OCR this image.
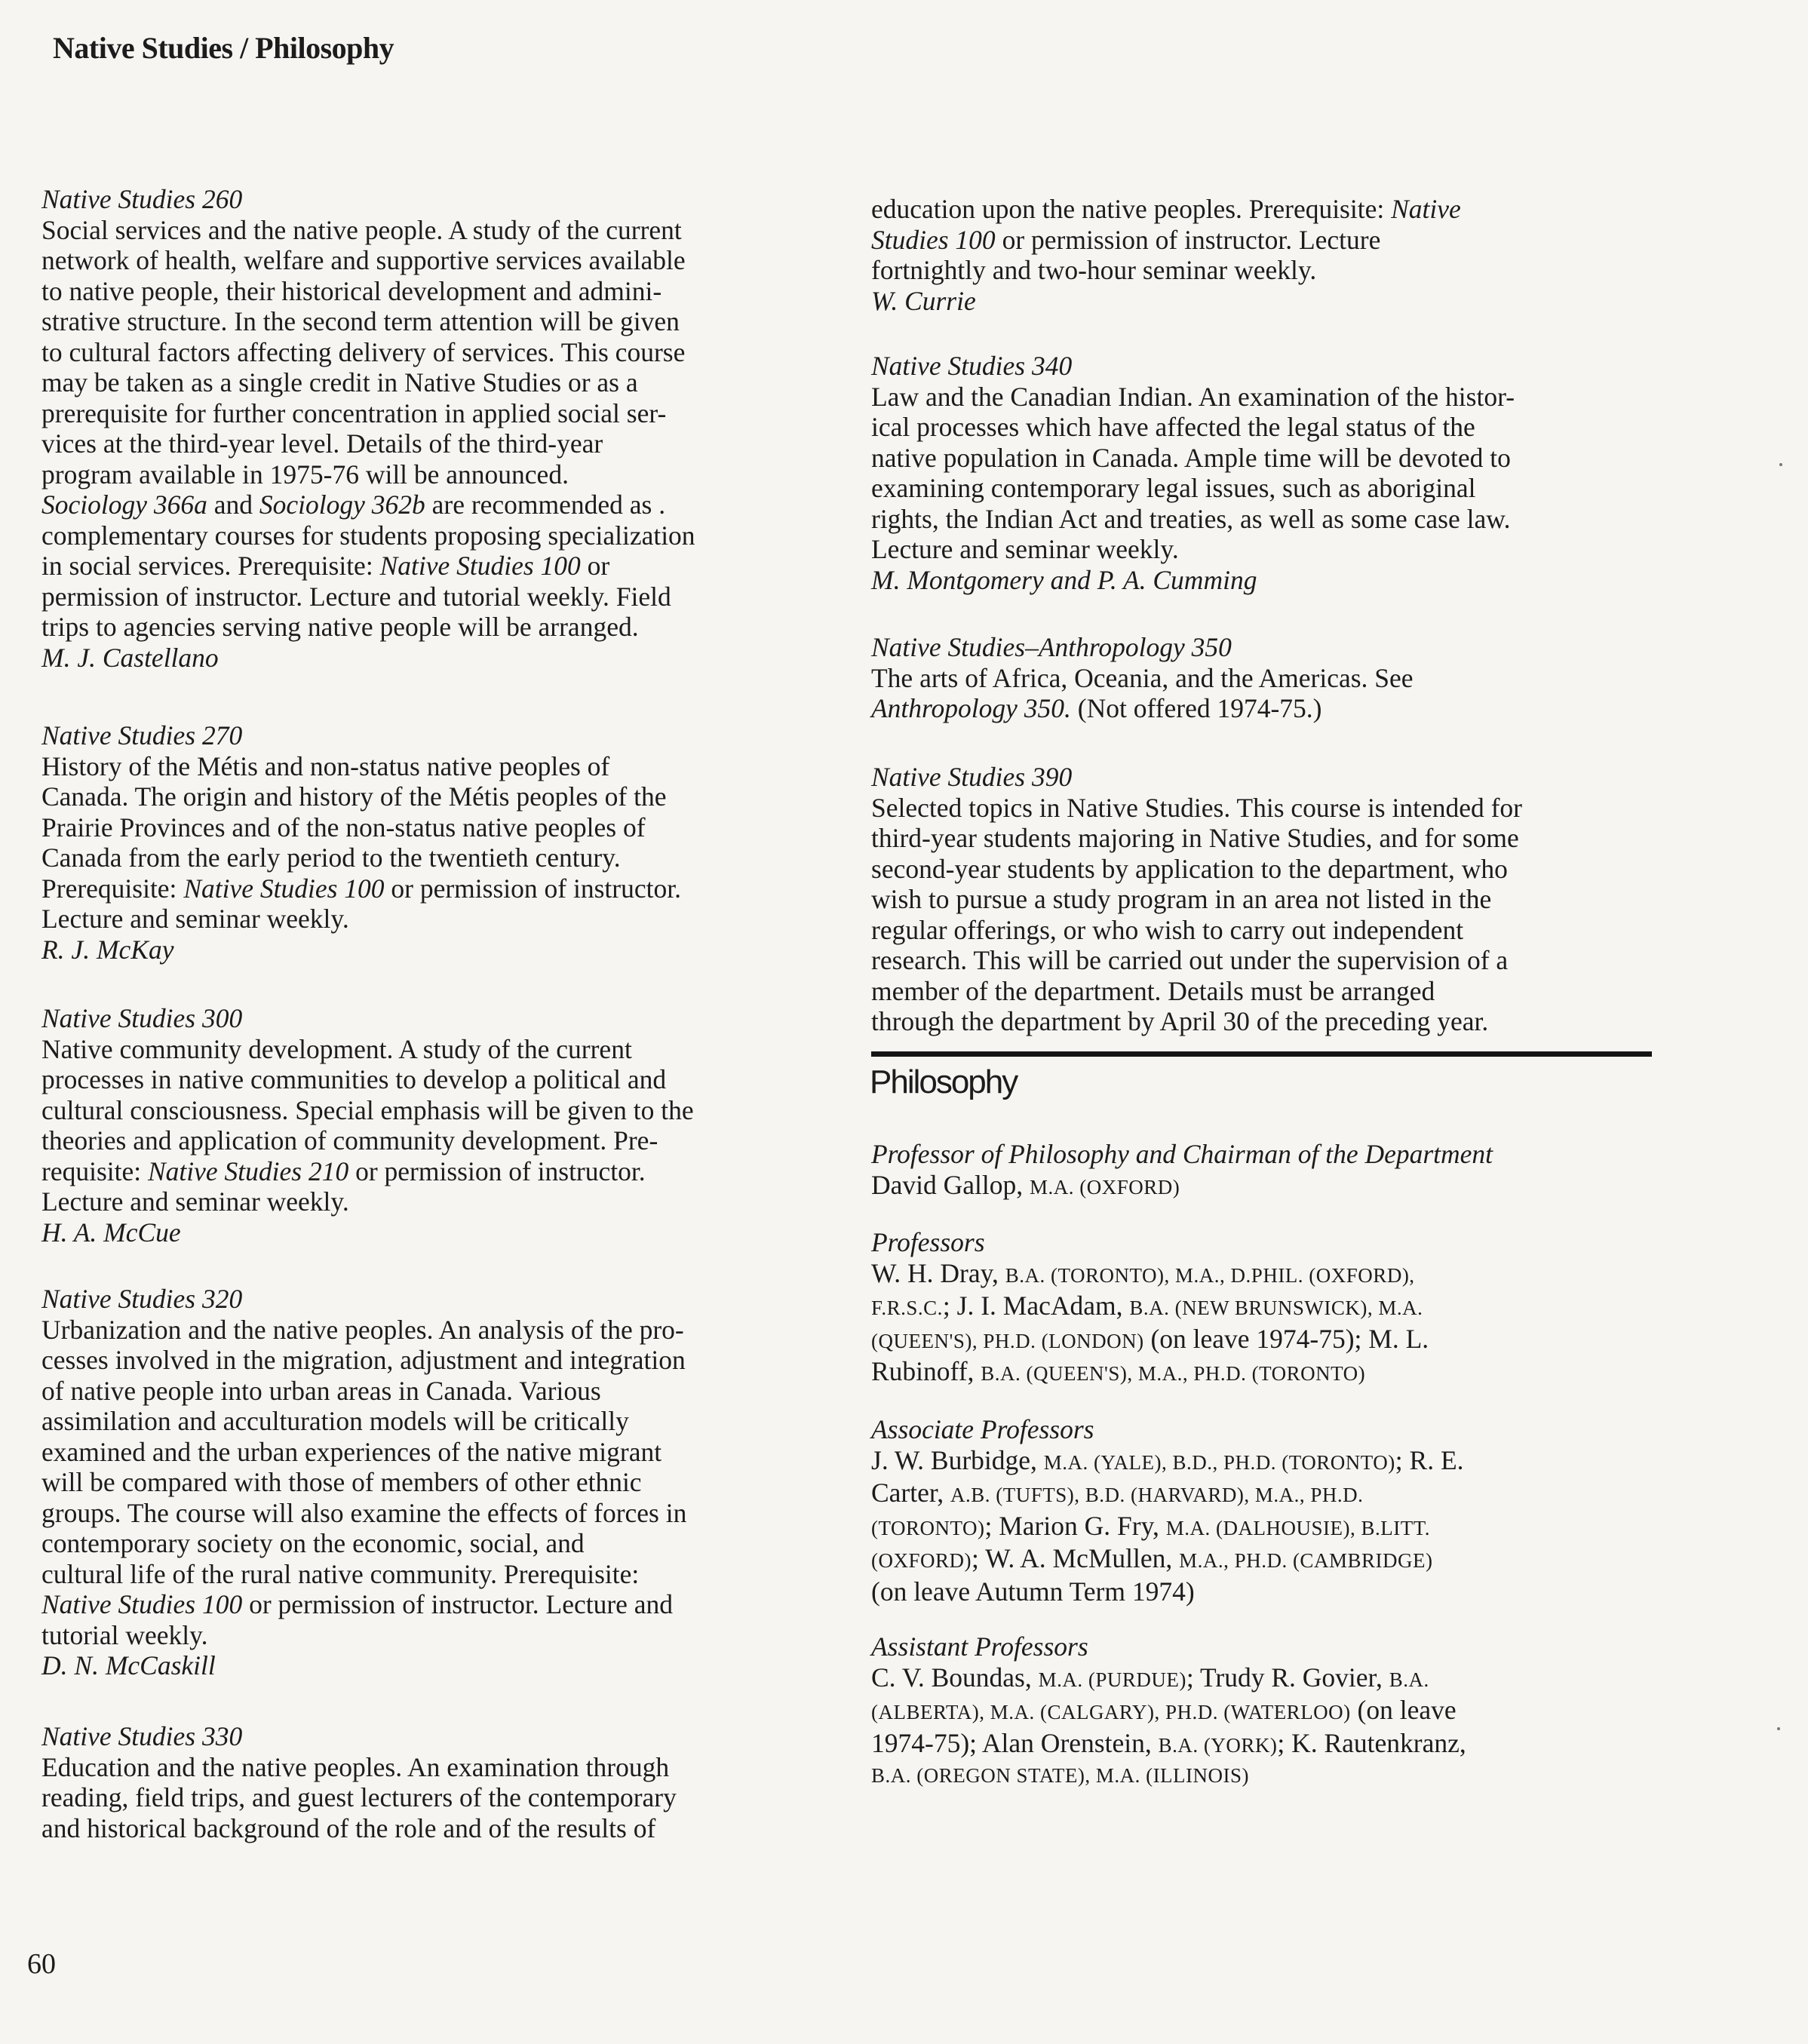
Native Studies / Philosophy

Native Studies 260

Social services and the native people. A study of the current

network of health, welfare and supportive services available

to native people, their historical development and admini-

strative structure. In the second term attention will be given

to cultural factors affecting delivery of services. This course

may be taken as a single credit in Native Studies or as a

prerequisite for further concentration in applied social ser-

vices at the third-year level. Details of the third-year

program available in 1975-76 will be announced.

Sociology 366a and Sociology 362b are recommended as .

complementary courses for students proposing specialization

in social services. Prerequisite: Native Studies 100 or

permission of instructor. Lecture and tutorial weekly. Field

trips to agencies serving native people will be arranged.

M. J. Castellano

Native Studies 270

History of the Métis and non-status native peoples of

Canada. The origin and history of the Métis peoples of the

Prairie Provinces and of the non-status native peoples of

Canada from the early period to the twentieth century.

Prerequisite: Native Studies 100 or permission of instructor.

Lecture and seminar weekly.

R. J. McKay

Native Studies 300

Native community development. A study of the current

processes in native communities to develop a political and

cultural consciousness. Special emphasis will be given to the

theories and application of community development. Pre-

requisite: Native Studies 210 or permission of instructor.

Lecture and seminar weekly.

H. A. McCue

Native Studies 320

Urbanization and the native peoples. An analysis of the pro-

cesses involved in the migration, adjustment and integration

of native people into urban areas in Canada. Various

assimilation and acculturation models will be critically

examined and the urban experiences of the native migrant

will be compared with those of members of other ethnic

groups. The course will also examine the effects of forces in

contemporary society on the economic, social, and

cultural life of the rural native community. Prerequisite:

Native Studies 100 or permission of instructor. Lecture and

tutorial weekly.

D. N. McCaskill

Native Studies 330

Education and the native peoples. An examination through

reading, field trips, and guest lecturers of the contemporary

and historical background of the role and of the results of

education upon the native peoples. Prerequisite: Native

Studies 100 or permission of instructor. Lecture

fortnightly and two-hour seminar weekly.

W. Currie

Native Studies 340

Law and the Canadian Indian. An examination of the histor-

ical processes which have affected the legal status of the

native population in Canada. Ample time will be devoted to

examining contemporary legal issues, such as aboriginal

rights, the Indian Act and treaties, as well as some case law.

Lecture and seminar weekly.

M. Montgomery and P. A. Cumming

Native Studies–Anthropology 350

The arts of Africa, Oceania, and the Americas. See

Anthropology 350. (Not offered 1974-75.)

Native Studies 390

Selected topics in Native Studies. This course is intended for

third-year students majoring in Native Studies, and for some

second-year students by application to the department, who

wish to pursue a study program in an area not listed in the

regular offerings, or who wish to carry out independent

research. This will be carried out under the supervision of a

member of the department. Details must be arranged

through the department by April 30 of the preceding year.

Professor of Philosophy and Chairman of the Department

David Gallop, M.A. (OXFORD)

Professors

W. H. Dray, B.A. (TORONTO), M.A., D.PHIL. (OXFORD),

F.R.S.C.; J. I. MacAdam, B.A. (NEW BRUNSWICK), M.A.

(QUEEN'S), PH.D. (LONDON) (on leave 1974-75); M. L.

Rubinoff, B.A. (QUEEN'S), M.A., PH.D. (TORONTO)

Associate Professors

J. W. Burbidge, M.A. (YALE), B.D., PH.D. (TORONTO); R. E.

Carter, A.B. (TUFTS), B.D. (HARVARD), M.A., PH.D.

(TORONTO); Marion G. Fry, M.A. (DALHOUSIE), B.LITT.

(OXFORD); W. A. McMullen, M.A., PH.D. (CAMBRIDGE)

(on leave Autumn Term 1974)

Assistant Professors

C. V. Boundas, M.A. (PURDUE); Trudy R. Govier, B.A.

(ALBERTA), M.A. (CALGARY), PH.D. (WATERLOO) (on leave

1974-75); Alan Orenstein, B.A. (YORK); K. Rautenkranz,

B.A. (OREGON STATE), M.A. (ILLINOIS)

Philosophy
60
